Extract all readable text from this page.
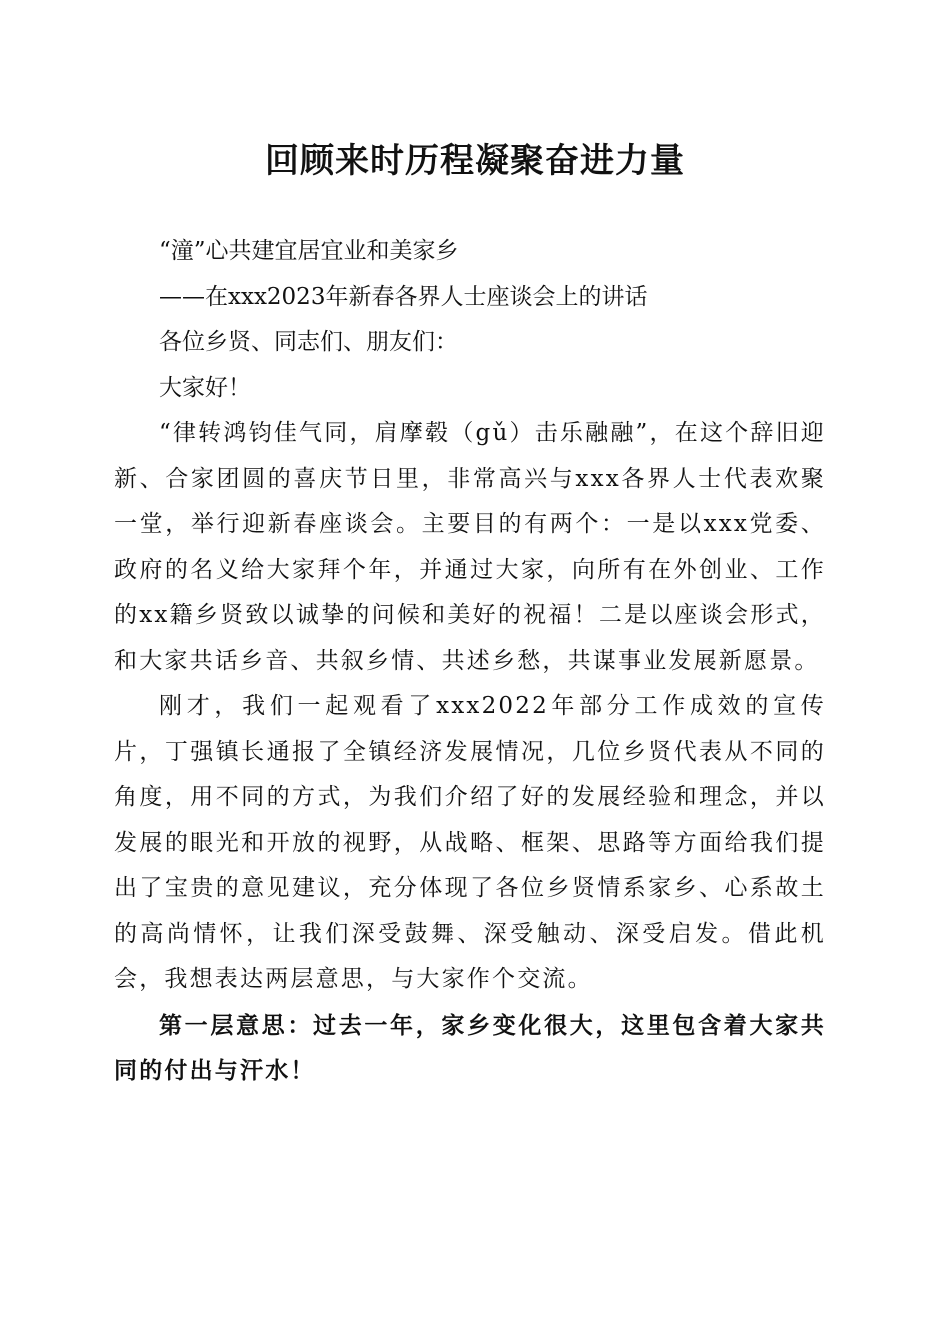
回顾来时历程凝聚奋进力量

“潼”心共建宜居宜业和美家乡

——在xxx2023年新春各界人士座谈会上的讲话

各位乡贤、同志们、朋友们：

大家好！

“律转鸿钧佳气同，肩摩毂（gǔ）击乐融融”，在这个辞旧迎新、合家团圆的喜庆节日里，非常高兴与xxx各界人士代表欢聚一堂，举行迎新春座谈会。主要目的有两个：一是以xxx党委、政府的名义给大家拜个年，并通过大家，向所有在外创业、工作的xx籍乡贤致以诚挚的问候和美好的祝福！二是以座谈会形式，和大家共话乡音、共叙乡情、共述乡愁，共谋事业发展新愿景。

刚才，我们一起观看了xxx2022年部分工作成效的宣传片，丁强镇长通报了全镇经济发展情况，几位乡贤代表从不同的角度，用不同的方式，为我们介绍了好的发展经验和理念，并以发展的眼光和开放的视野，从战略、框架、思路等方面给我们提出了宝贵的意见建议，充分体现了各位乡贤情系家乡、心系故土的高尚情怀，让我们深受鼓舞、深受触动、深受启发。借此机会，我想表达两层意思，与大家作个交流。

第一层意思：过去一年，家乡变化很大，这里包含着大家共同的付出与汗水！
